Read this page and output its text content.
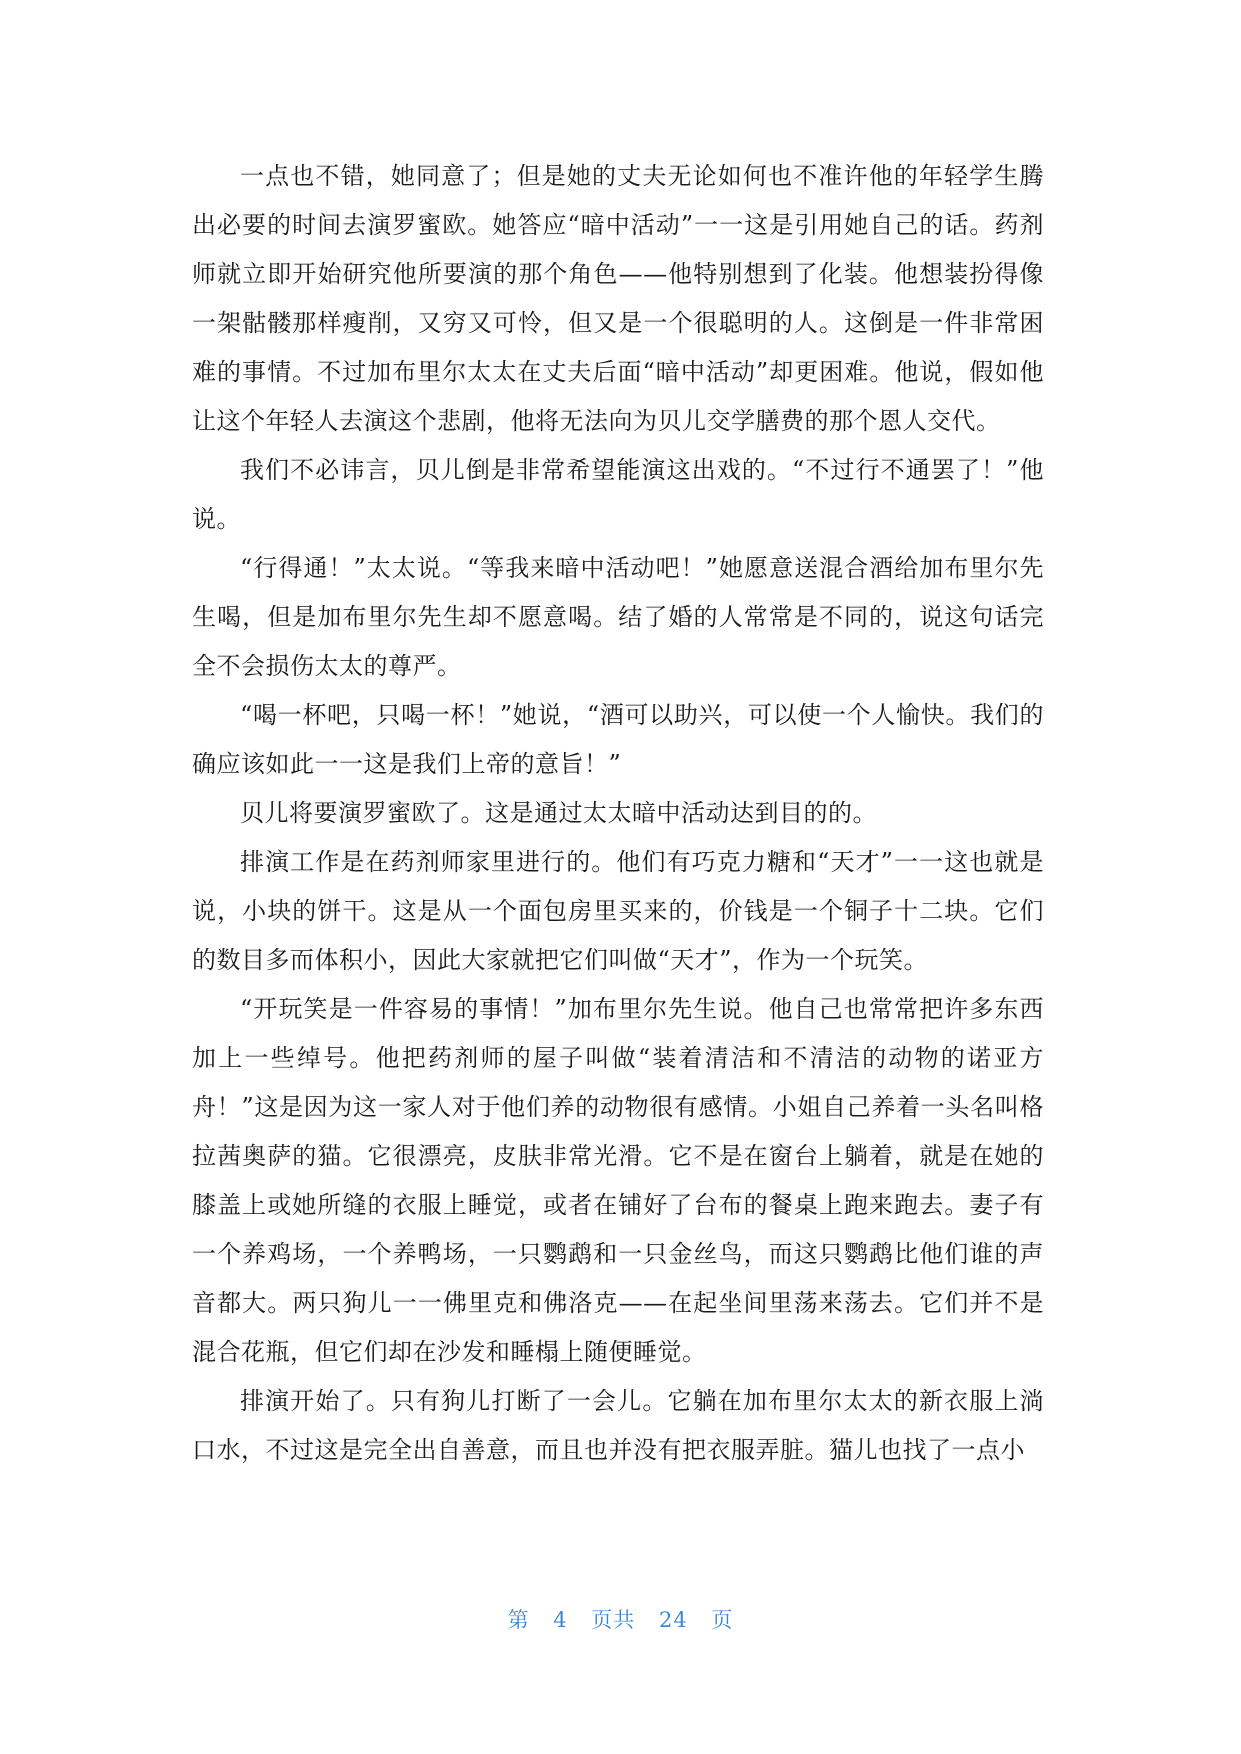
一点也不错，她同意了；但是她的丈夫无论如何也不准许他的年轻学生腾出必要的时间去演罗蜜欧。她答应“暗中活动”一一这是引用她自己的话。药剂师就立即开始研究他所要演的那个角色——他特别想到了化装。他想装扮得像一架骷髅那样瘦削，又穷又可怜，但又是一个很聪明的人。这倒是一件非常困难的事情。不过加布里尔太太在丈夫后面“暗中活动”却更困难。他说，假如他让这个年轻人去演这个悲剧，他将无法向为贝儿交学膳费的那个恩人交代。

我们不必讳言，贝儿倒是非常希望能演这出戏的。“不过行不通罢了！”他说。

“行得通！”太太说。“等我来暗中活动吧！”她愿意送混合酒给加布里尔先生喝，但是加布里尔先生却不愿意喝。结了婚的人常常是不同的，说这句话完全不会损伤太太的尊严。

“喝一杯吧，只喝一杯！”她说，“酒可以助兴，可以使一个人愉快。我们的确应该如此一一这是我们上帝的意旨！”

贝儿将要演罗蜜欧了。这是通过太太暗中活动达到目的的。

排演工作是在药剂师家里进行的。他们有巧克力糖和“天才”一一这也就是说，小块的饼干。这是从一个面包房里买来的，价钱是一个铜子十二块。它们的数目多而体积小，因此大家就把它们叫做“天才”，作为一个玩笑。

“开玩笑是一件容易的事情！”加布里尔先生说。他自己也常常把许多东西加上一些绰号。他把药剂师的屋子叫做“装着清洁和不清洁的动物的诺亚方舟！”这是因为这一家人对于他们养的动物很有感情。小姐自己养着一头名叫格拉茜奥萨的猫。它很漂亮，皮肤非常光滑。它不是在窗台上躺着，就是在她的膝盖上或她所缝的衣服上睡觉，或者在铺好了台布的餐桌上跑来跑去。妻子有一个养鸡场，一个养鸭场，一只鹦鹉和一只金丝鸟，而这只鹦鹉比他们谁的声音都大。两只狗儿一一佛里克和佛洛克——在起坐间里荡来荡去。它们并不是混合花瓶，但它们却在沙发和睡榻上随便睡觉。

排演开始了。只有狗儿打断了一会儿。它躺在加布里尔太太的新衣服上淌口水，不过这是完全出自善意，而且也并没有把衣服弄脏。猫儿也找了一点小

第 4 页共 24 页
